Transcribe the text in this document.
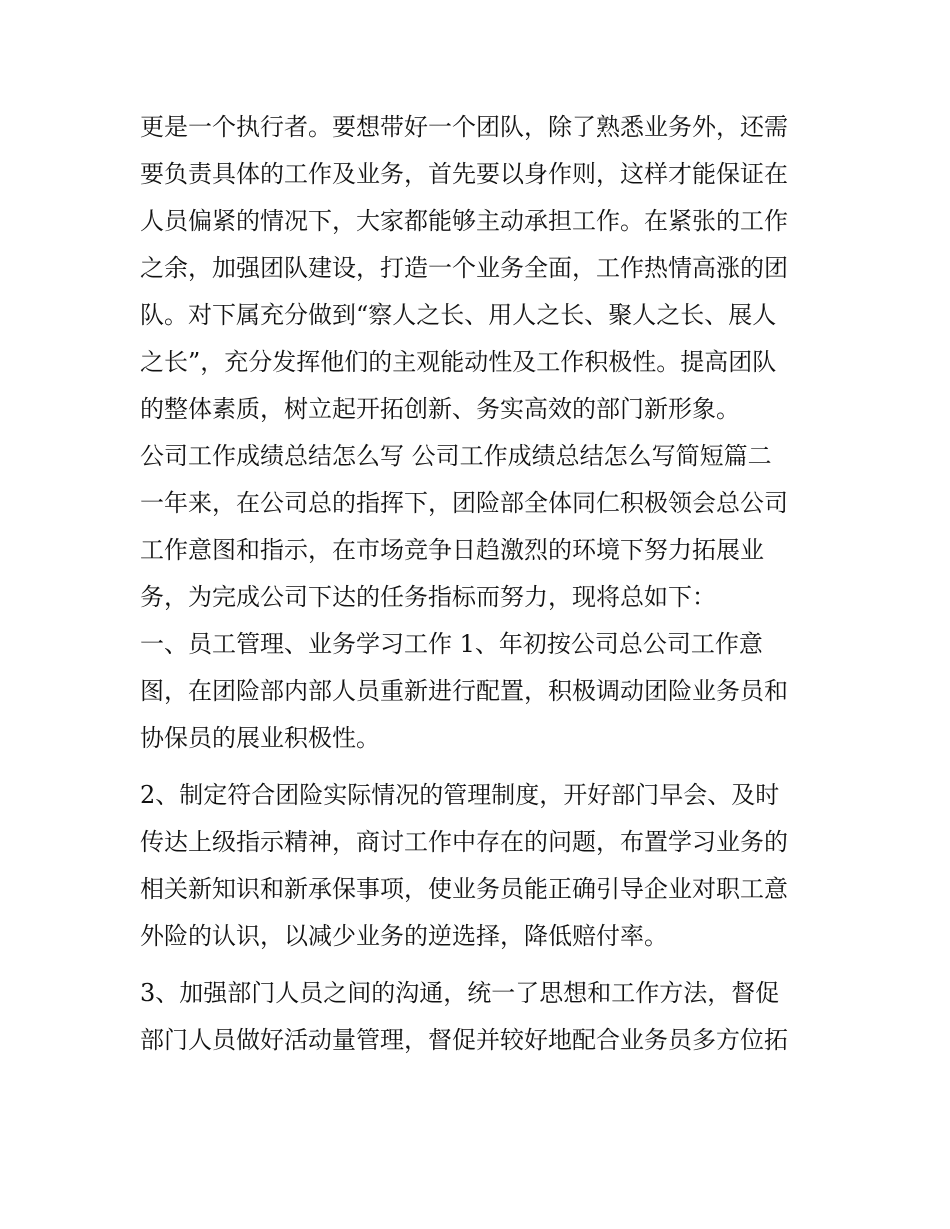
更是一个执行者。要想带好一个团队，除了熟悉业务外，还需
要负责具体的工作及业务，首先要以身作则，这样才能保证在
人员偏紧的情况下，大家都能够主动承担工作。在紧张的工作
之余，加强团队建设，打造一个业务全面，工作热情高涨的团
队。对下属充分做到“察人之长、用人之长、聚人之长、展人
之长”，充分发挥他们的主观能动性及工作积极性。提高团队
的整体素质，树立起开拓创新、务实高效的部门新形象。
公司工作成绩总结怎么写 公司工作成绩总结怎么写简短篇二
一年来，在公司总的指挥下，团险部全体同仁积极领会总公司
工作意图和指示，在市场竞争日趋激烈的环境下努力拓展业
务，为完成公司下达的任务指标而努力，现将总如下：
一、员工管理、业务学习工作 1、年初按公司总公司工作意
图，在团险部内部人员重新进行配置，积极调动团险业务员和
协保员的展业积极性。
2、制定符合团险实际情况的管理制度，开好部门早会、及时
传达上级指示精神，商讨工作中存在的问题，布置学习业务的
相关新知识和新承保事项，使业务员能正确引导企业对职工意
外险的认识，以减少业务的逆选择，降低赔付率。
3、加强部门人员之间的沟通，统一了思想和工作方法，督促
部门人员做好活动量管理，督促并较好地配合业务员多方位拓
